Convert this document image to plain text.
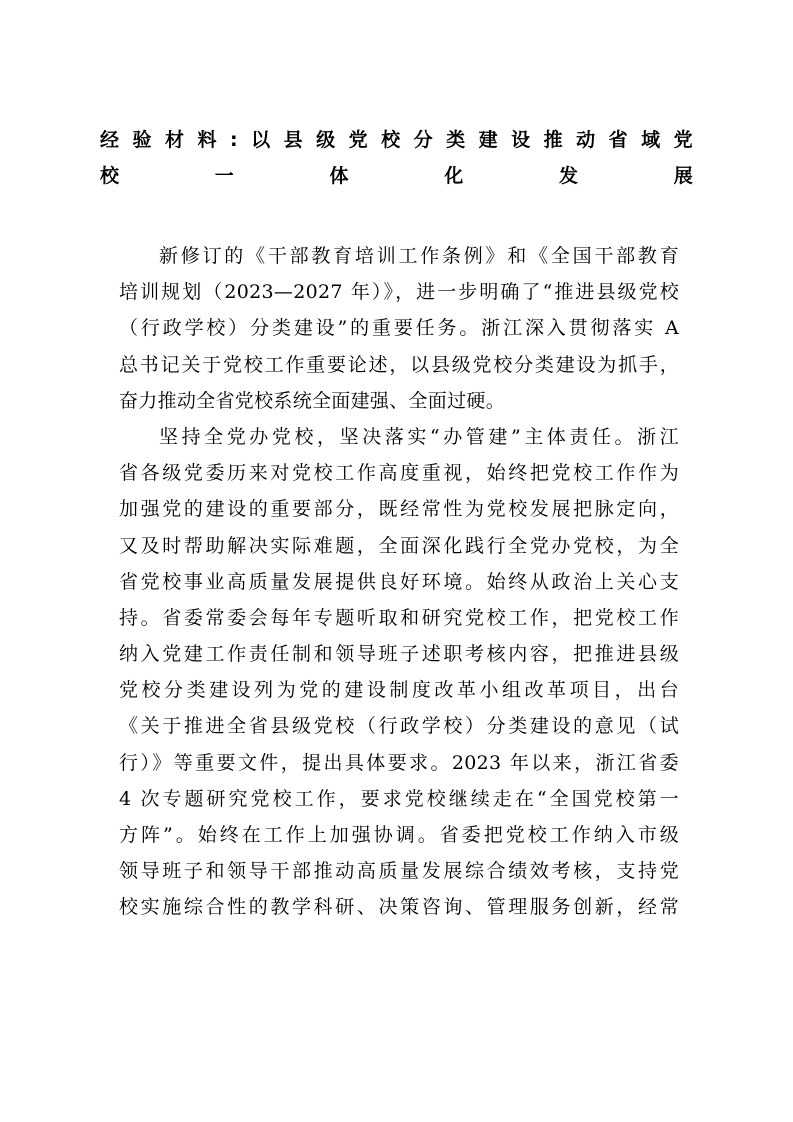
经验材料:以县级党校分类建设推动省域党
校一体化发展

新修订的《干部教育培训工作条例》和《全国干部教育
培训规划（2023—2027 年）》，进一步明确了“推进县级党校
（行政学校）分类建设”的重要任务。浙江深入贯彻落实 A
总书记关于党校工作重要论述，以县级党校分类建设为抓手，
奋力推动全省党校系统全面建强、全面过硬。

坚持全党办党校，坚决落实“办管建”主体责任。浙江
省各级党委历来对党校工作高度重视，始终把党校工作作为
加强党的建设的重要部分，既经常性为党校发展把脉定向，
又及时帮助解决实际难题，全面深化践行全党办党校，为全
省党校事业高质量发展提供良好环境。始终从政治上关心支
持。省委常委会每年专题听取和研究党校工作，把党校工作
纳入党建工作责任制和领导班子述职考核内容，把推进县级
党校分类建设列为党的建设制度改革小组改革项目，出台
《关于推进全省县级党校（行政学校）分类建设的意见（试
行）》等重要文件，提出具体要求。2023 年以来，浙江省委
4 次专题研究党校工作，要求党校继续走在“全国党校第一
方阵”。始终在工作上加强协调。省委把党校工作纳入市级
领导班子和领导干部推动高质量发展综合绩效考核，支持党
校实施综合性的教学科研、决策咨询、管理服务创新，经常
